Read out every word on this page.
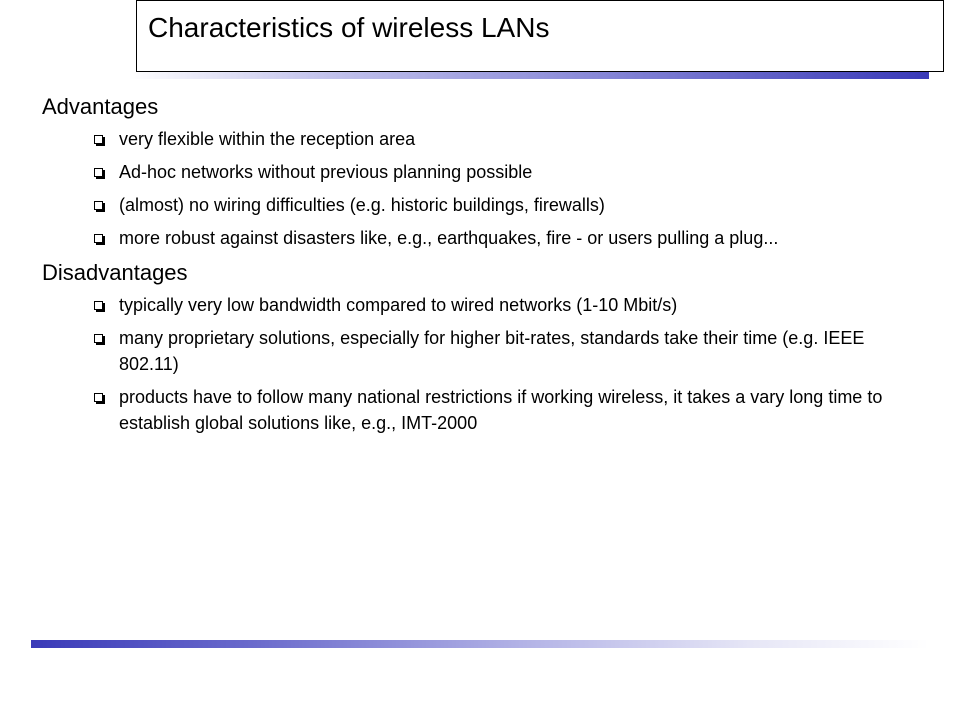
Characteristics of wireless LANs
Advantages
very flexible within the reception area
Ad-hoc networks without previous planning possible
(almost) no wiring difficulties (e.g. historic buildings, firewalls)
more robust against disasters like, e.g., earthquakes, fire - or users pulling a plug...
Disadvantages
typically very low bandwidth compared to wired networks (1-10 Mbit/s)
many proprietary solutions, especially for higher bit-rates, standards take their time (e.g. IEEE 802.11)
products have to follow many national restrictions if working wireless, it takes a vary long time to establish global solutions like, e.g., IMT-2000
